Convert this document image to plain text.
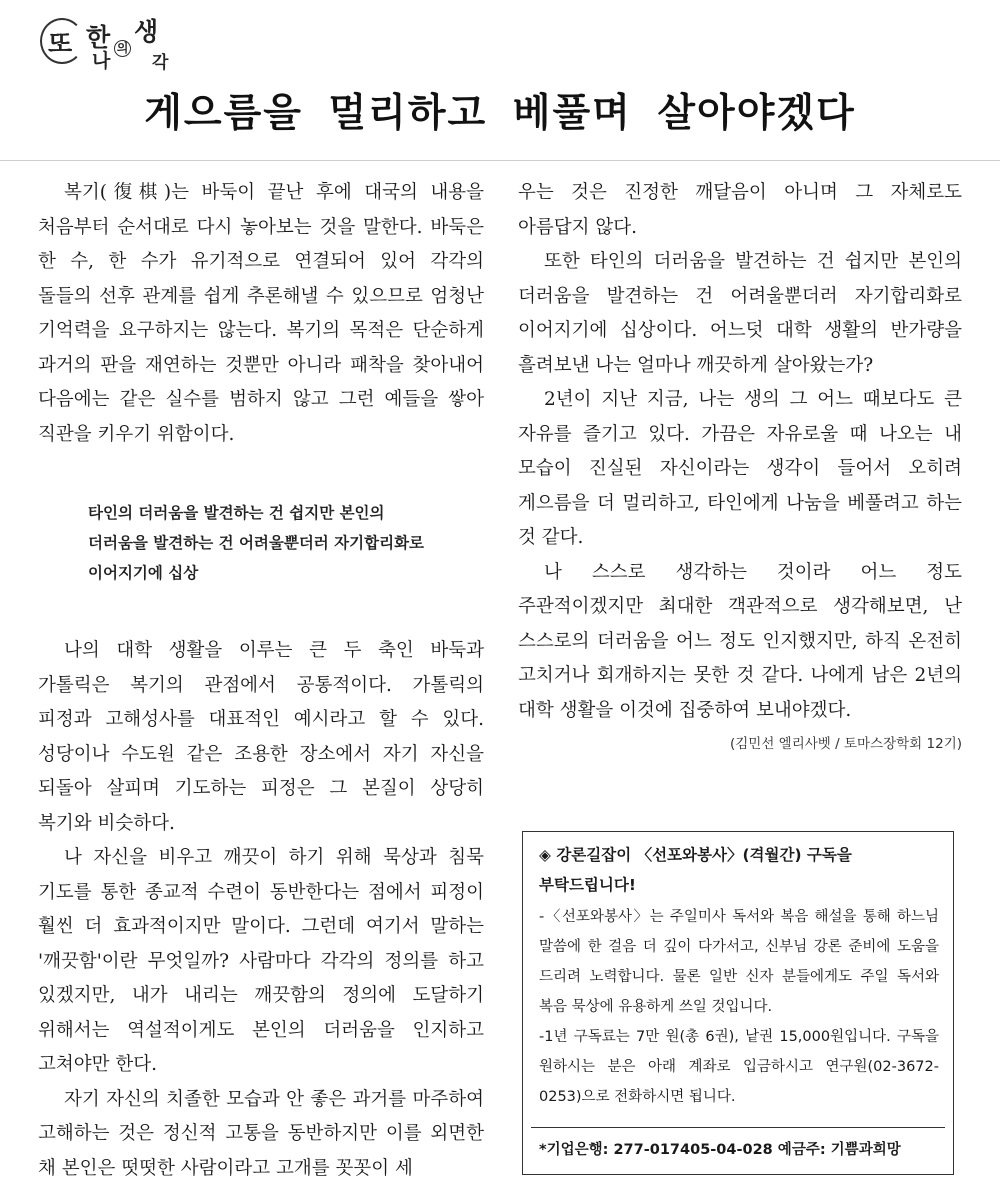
또 한
나
의
생
각
게으름을 멀리하고 베풀며 살아야겠다

복기(復棋)는 바둑이 끝난 후에 대국의 내용을 처음부터 순서대로 다시 놓아보는 것을 말한다. 바둑은 한 수, 한 수가 유기적으로 연결되어 있어 각각의 돌들의 선후 관계를 쉽게 추론해낼 수 있으므로 엄청난 기억력을 요구하지는 않는다. 복기의 목적은 단순하게 과거의 판을 재연하는 것뿐만 아니라 패착을 찾아내어 다음에는 같은 실수를 범하지 않고 그런 예들을 쌓아 직관을 키우기 위함이다.

타인의 더러움을 발견하는 건 쉽지만 본인의 더러움을 발견하는 건 어려울뿐더러 자기합리화로 이어지기에 십상

나의 대학 생활을 이루는 큰 두 축인 바둑과 가톨릭은 복기의 관점에서 공통적이다. 가톨릭의 피정과 고해성사를 대표적인 예시라고 할 수 있다. 성당이나 수도원 같은 조용한 장소에서 자기 자신을 되돌아 살피며 기도하는 피정은 그 본질이 상당히 복기와 비슷하다.

나 자신을 비우고 깨끗이 하기 위해 묵상과 침묵 기도를 통한 종교적 수련이 동반한다는 점에서 피정이 훨씬 더 효과적이지만 말이다. 그런데 여기서 말하는 '깨끗함'이란 무엇일까? 사람마다 각각의 정의를 하고 있겠지만, 내가 내리는 깨끗함의 정의에 도달하기 위해서는 역설적이게도 본인의 더러움을 인지하고 고쳐야만 한다.

자기 자신의 치졸한 모습과 안 좋은 과거를 마주하여 고해하는 것은 정신적 고통을 동반하지만 이를 외면한 채 본인은 떳떳한 사람이라고 고개를 꼿꼿이 세

우는 것은 진정한 깨달음이 아니며 그 자체로도 아름답지 않다.

또한 타인의 더러움을 발견하는 건 쉽지만 본인의 더러움을 발견하는 건 어려울뿐더러 자기합리화로 이어지기에 십상이다. 어느덧 대학 생활의 반가량을 흘려보낸 나는 얼마나 깨끗하게 살아왔는가?

2년이 지난 지금, 나는 생의 그 어느 때보다도 큰 자유를 즐기고 있다. 가끔은 자유로울 때 나오는 내 모습이 진실된 자신이라는 생각이 들어서 오히려 게으름을 더 멀리하고, 타인에게 나눔을 베풀려고 하는 것 같다.

나 스스로 생각하는 것이라 어느 정도 주관적이겠지만 최대한 객관적으로 생각해보면, 난 스스로의 더러움을 어느 정도 인지했지만, 하직 온전히 고치거나 회개하지는 못한 것 같다. 나에게 남은 2년의 대학 생활을 이것에 집중하여 보내야겠다.

(김민선 엘리사벳 / 토마스장학회 12기)

◈ 강론길잡이 〈선포와봉사〉(격월간) 구독을 부탁드립니다!

-〈선포와봉사〉는 주일미사 독서와 복음 해설을 통해 하느님 말씀에 한 걸음 더 깊이 다가서고, 신부님 강론 준비에 도움을 드리려 노력합니다. 물론 일반 신자 분들에게도 주일 독서와 복음 묵상에 유용하게 쓰일 것입니다.

-1년 구독료는 7만 원(총 6권), 낱권 15,000원입니다. 구독을 원하시는 분은 아래 계좌로 입금하시고 연구원(02-3672-0253)으로 전화하시면 됩니다.

*기업은행: 277-017405-04-028 예금주: 기쁨과희망
